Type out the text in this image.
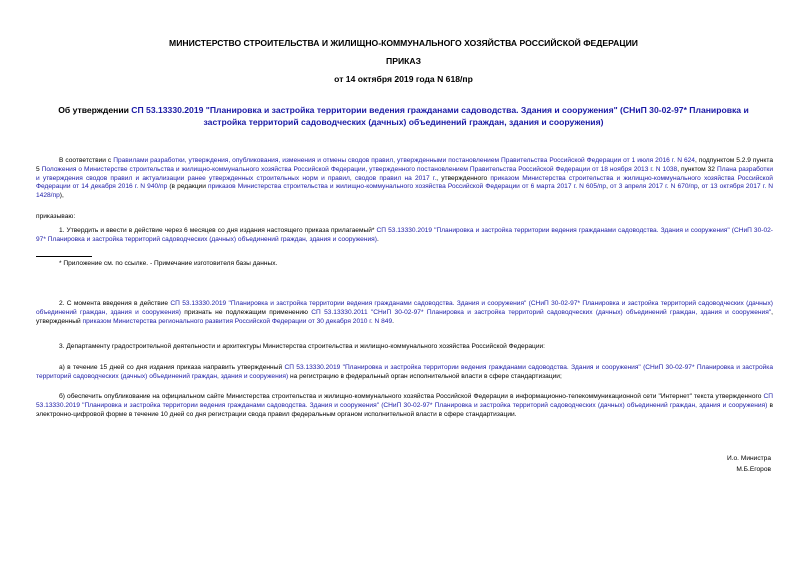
МИНИСТЕРСТВО СТРОИТЕЛЬСТВА И ЖИЛИЩНО-КОММУНАЛЬНОГО ХОЗЯЙСТВА РОССИЙСКОЙ ФЕДЕРАЦИИ
ПРИКАЗ
от 14 октября 2019 года N 618/пр
Об утверждении СП 53.13330.2019 "Планировка и застройка территории ведения гражданами садоводства. Здания и сооружения" (СНиП 30-02-97* Планировка и застройка территорий садоводческих (дачных) объединений граждан, здания и сооружения)
В соответствии с Правилами разработки, утверждения, опубликования, изменения и отмены сводов правил, утвержденными постановлением Правительства Российской Федерации от 1 июля 2016 г. N 624, подпунктом 5.2.9 пункта 5 Положения о Министерстве строительства и жилищно-коммунального хозяйства Российской Федерации, утвержденного постановлением Правительства Российской Федерации от 18 ноября 2013 г. N 1038, пунктом 32 Плана разработки и утверждения сводов правил и актуализации ранее утвержденных строительных норм и правил, сводов правил на 2017 г., утвержденного приказом Министерства строительства и жилищно-коммунального хозяйства Российской Федерации от 14 декабря 2016 г. N 940/пр (в редакции приказов Министерства строительства и жилищно-коммунального хозяйства Российской Федерации от 6 марта 2017 г. N 605/пр, от 3 апреля 2017 г. N 670/пр, от 13 октября 2017 г. N 1428/пр),
приказываю:
1. Утвердить и ввести в действие через 6 месяцев со дня издания настоящего приказа прилагаемый* СП 53.13330.2019 "Планировка и застройка территории ведения гражданами садоводства. Здания и сооружения" (СНиП 30-02-97* Планировка и застройка территорий садоводческих (дачных) объединений граждан, здания и сооружения).
* Приложение см. по ссылке. - Примечание изготовителя базы данных.
2. С момента введения в действие СП 53.13330.2019 "Планировка и застройка территории ведения гражданами садоводства. Здания и сооружения" (СНиП 30-02-97* Планировка и застройка территорий садоводческих (дачных) объединений граждан, здания и сооружения) признать не подлежащим применению СП 53.13330.2011 "СНиП 30-02-97* Планировка и застройка территорий садоводческих (дачных) объединений граждан, здания и сооружения", утвержденный приказом Министерства регионального развития Российской Федерации от 30 декабря 2010 г. N 849.
3. Департаменту градостроительной деятельности и архитектуры Министерства строительства и жилищно-коммунального хозяйства Российской Федерации:
а) в течение 15 дней со дня издания приказа направить утвержденный СП 53.13330.2019 "Планировка и застройка территории ведения гражданами садоводства. Здания и сооружения" (СНиП 30-02-97* Планировка и застройка территорий садоводческих (дачных) объединений граждан, здания и сооружения) на регистрацию в федеральный орган исполнительной власти в сфере стандартизации;
б) обеспечить опубликование на официальном сайте Министерства строительства и жилищно-коммунального хозяйства Российской Федерации в информационно-телекоммуникационной сети "Интернет" текста утвержденного СП 53.13330.2019 "Планировка и застройка территории ведения гражданами садоводства. Здания и сооружения" (СНиП 30-02-97* Планировка и застройка территорий садоводческих (дачных) объединений граждан, здания и сооружения) в электронно-цифровой форме в течение 10 дней со дня регистрации свода правил федеральным органом исполнительной власти в сфере стандартизации.
И.о. Министра
М.Б.Егоров
